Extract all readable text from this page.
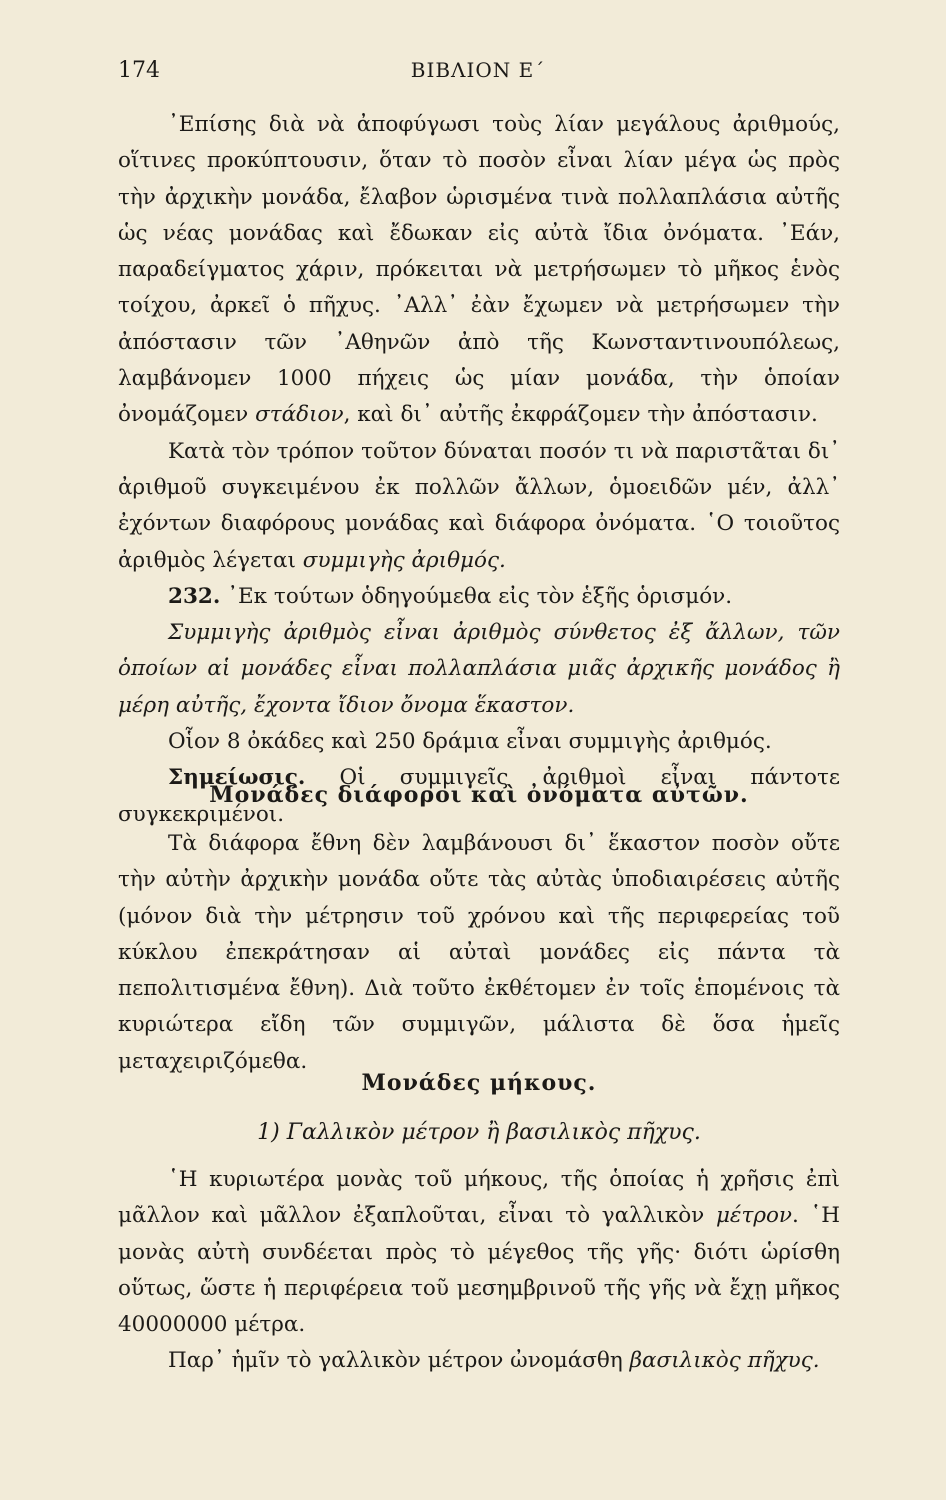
174	ΒΙΒΛΙΟΝ Ε΄

᾿Επίσης διὰ νὰ ἀποφύγωσι τοὺς λίαν μεγάλους ἀριθμούς, οἵτινες προκύπτουσιν, ὅταν τὸ ποσὸν εἶναι λίαν μέγα ὡς πρὸς τὴν ἀρχικὴν μονάδα, ἔλαβον ὡρισμένα τινὰ πολλαπλάσια αὐτῆς ὡς νέας μονάδας καὶ ἔδωκαν εἰς αὐτὰ ἴδια ὀνόματα. ᾿Εάν, παραδείγματος χάριν, πρόκειται νὰ μετρήσωμεν τὸ μῆκος ἑνὸς τοίχου, ἀρκεῖ ὁ πῆχυς. ᾿Αλλ᾿ ἐὰν ἔχωμεν νὰ μετρήσωμεν τὴν ἀπόστασιν τῶν ᾿Αθηνῶν ἀπὸ τῆς Κωνσταντινουπόλεως, λαμβάνομεν 1000 πήχεις ὡς μίαν μονάδα, τὴν ὁποίαν ὀνομάζομεν στάδιον, καὶ δι᾿ αὐτῆς ἐκφράζομεν τὴν ἀπόστασιν.

Κατὰ τὸν τρόπον τοῦτον δύναται ποσόν τι νὰ παριστᾶται δι᾿ ἀριθμοῦ συγκειμένου ἐκ πολλῶν ἄλλων, ὁμοειδῶν μέν, ἀλλ᾿ ἐχόντων διαφόρους μονάδας καὶ διάφορα ὀνόματα. ῾Ο τοιοῦτος ἀριθμὸς λέγεται συμμιγὴς ἀριθμός.

232. ᾿Εκ τούτων ὁδηγούμεθα εἰς τὸν ἑξῆς ὁρισμόν.

Συμμιγὴς ἀριθμὸς εἶναι ἀριθμὸς σύνθετος ἐξ ἄλλων, τῶν ὁποίων αἱ μονάδες εἶναι πολλαπλάσια μιᾶς ἀρχικῆς μονάδος ἢ μέρη αὐτῆς, ἔχοντα ἴδιον ὄνομα ἕκαστον.

Οἷον 8 ὀκάδες καὶ 250 δράμια εἶναι συμμιγὴς ἀριθμός.

Σημείωσις. Οἱ συμμιγεῖς ἀριθμοὶ εἶναι πάντοτε συγκεκριμένοι.

Μονάδες διάφοροι καὶ ὀνόματα αὐτῶν.

Τὰ διάφορα ἔθνη δὲν λαμβάνουσι δι᾿ ἕκαστον ποσὸν οὔτε τὴν αὐτὴν ἀρχικὴν μονάδα οὔτε τὰς αὐτὰς ὑποδιαιρέσεις αὐτῆς (μόνον διὰ τὴν μέτρησιν τοῦ χρόνου καὶ τῆς περιφερείας τοῦ κύκλου ἐπεκράτησαν αἱ αὐταὶ μονάδες εἰς πάντα τὰ πεπολιτισμένα ἔθνη). Διὰ τοῦτο ἐκθέτομεν ἐν τοῖς ἑπομένοις τὰ κυριώτερα εἴδη τῶν συμμιγῶν, μάλιστα δὲ ὅσα ἡμεῖς μεταχειριζόμεθα.

Μονάδες μήκους.
1) Γαλλικὸν μέτρον ἢ βασιλικὸς πῆχυς.

῾Η κυριωτέρα μονὰς τοῦ μήκους, τῆς ὁποίας ἡ χρῆσις ἐπὶ μᾶλλον καὶ μᾶλλον ἐξαπλοῦται, εἶναι τὸ γαλλικὸν μέτρον. ῾Η μονὰς αὐτὴ συνδέεται πρὸς τὸ μέγεθος τῆς γῆς· διότι ὡρίσθη οὕτως, ὥστε ἡ περιφέρεια τοῦ μεσημβρινοῦ τῆς γῆς νὰ ἔχῃ μῆκος 40000000 μέτρα.

Παρ᾿ ἡμῖν τὸ γαλλικὸν μέτρον ὠνομάσθη βασιλικὸς πῆχυς.
